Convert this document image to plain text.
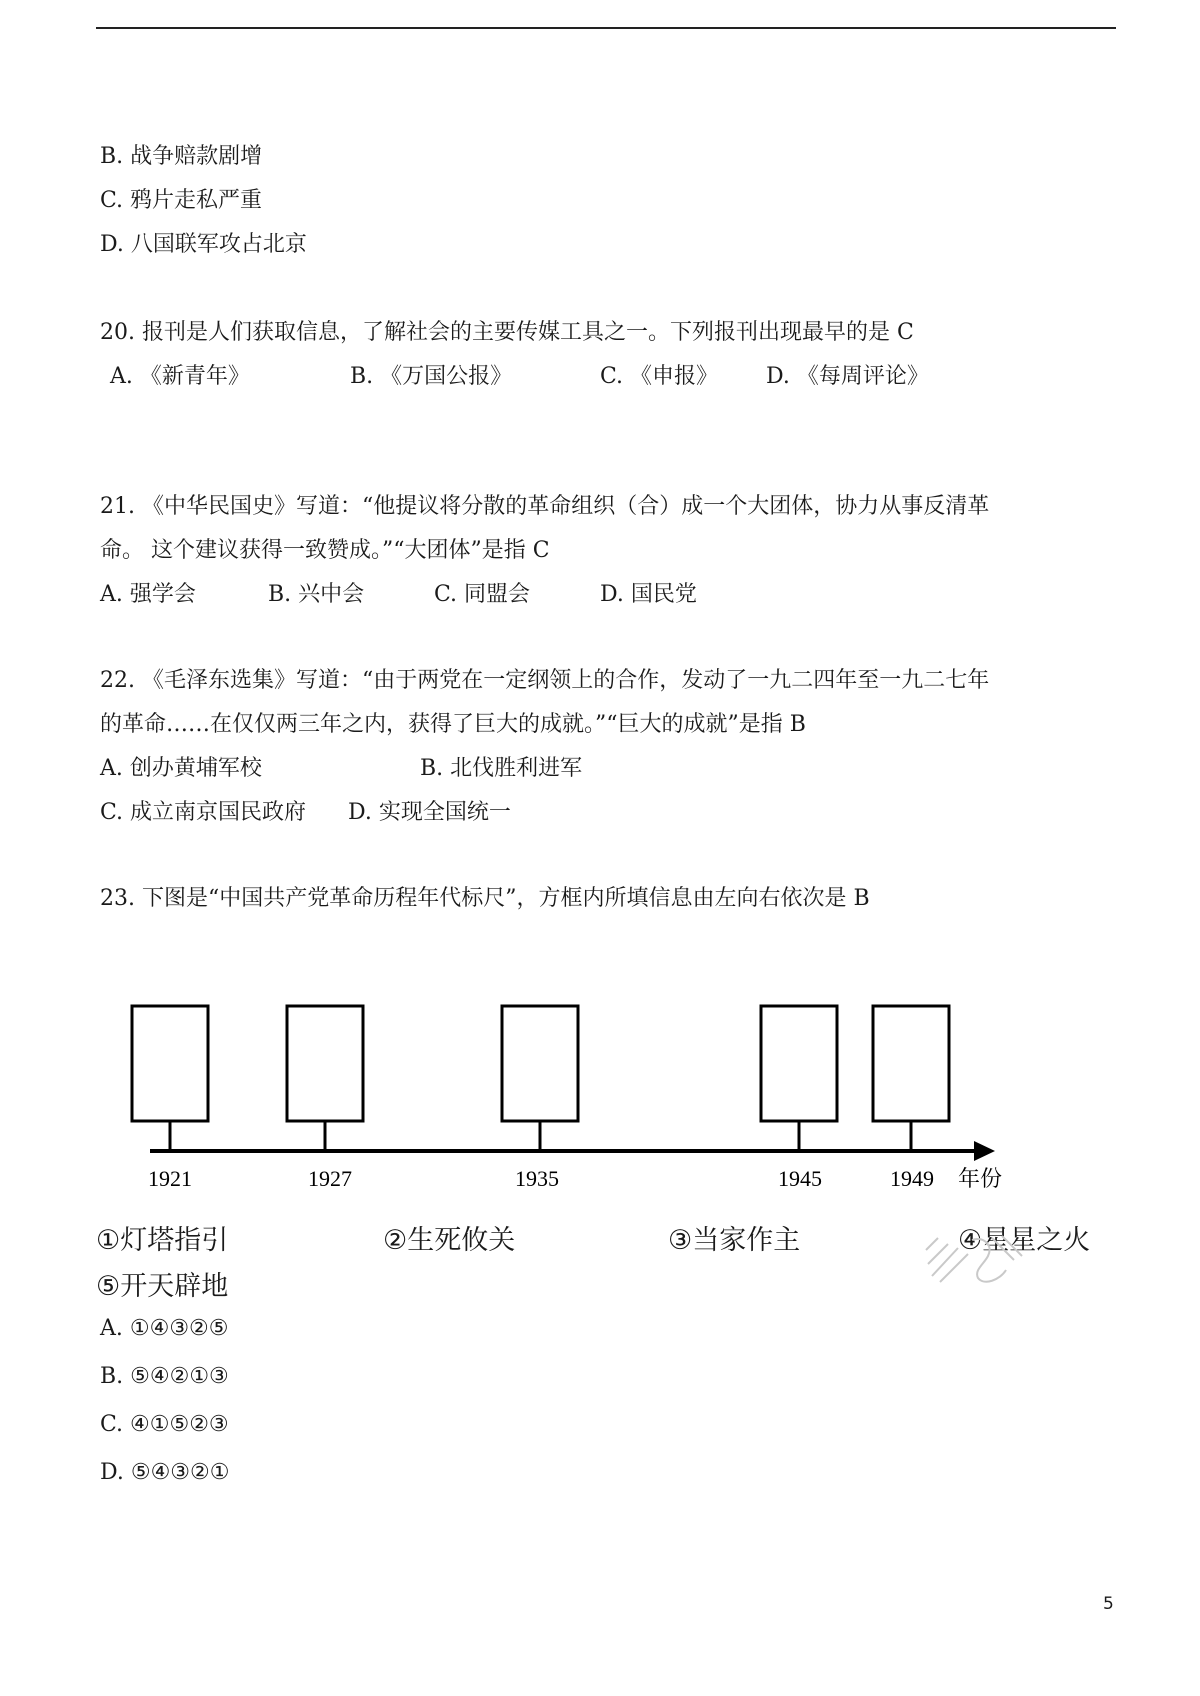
B. 战争赔款剧增
C. 鸦片走私严重
D. 八国联军攻占北京
20. 报刊是人们获取信息，了解社会的主要传媒工具之一。下列报刊出现最早的是 C
A. 《新青年》	B. 《万国公报》	C. 《申报》 D. 《每周评论》
21. 《中华民国史》写道：“他提议将分散的革命组织（合）成一个大团体，协力从事反清革
命。 这个建议获得一致赞成。”“大团体”是指 C
A. 强学会	B. 兴中会	C. 同盟会	D. 国民党
22. 《毛泽东选集》写道：“由于两党在一定纲领上的合作，发动了一九二四年至一九二七年
的革命……在仅仅两三年之内，获得了巨大的成就。”“巨大的成就”是指 B
A. 创办黄埔军校	B. 北伐胜利进军
C. 成立南京国民政府 D. 实现全国统一
23. 下图是“中国共产党革命历程年代标尺”，方框内所填信息由左向右依次是 B
1921	1927	1935	1945	1949 年份
①灯塔指引	②生死攸关	③当家作主	④星星之火
⑤开天辟地
A. ①④③②⑤
B. ⑤④②①③
C. ④①⑤②③
D. ⑤④③②①
5
